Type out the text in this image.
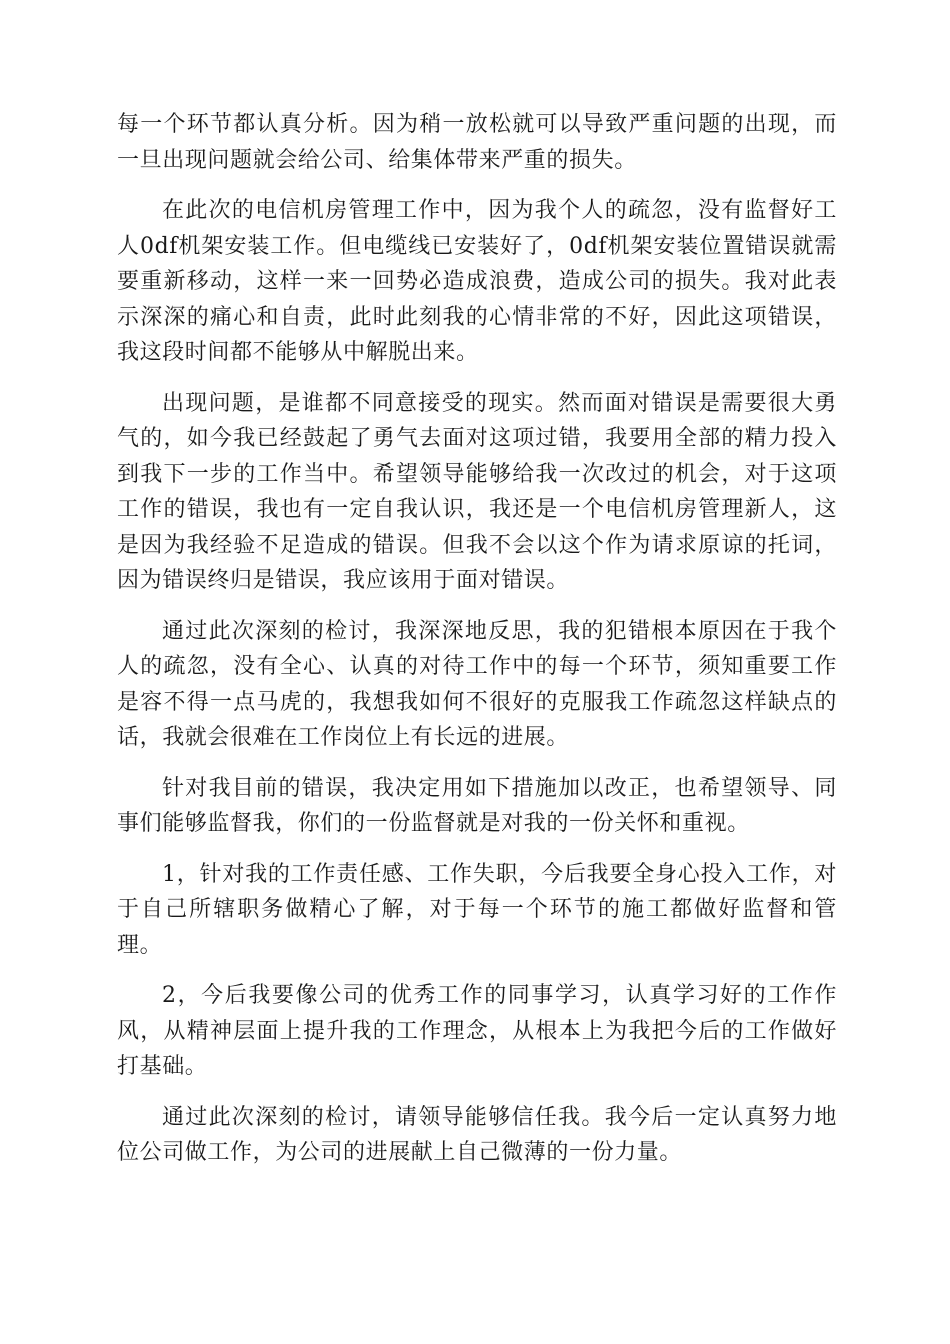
每一个环节都认真分析。因为稍一放松就可以导致严重问题的出现，而一旦出现问题就会给公司、给集体带来严重的损失。

在此次的电信机房管理工作中，因为我个人的疏忽，没有监督好工人0df机架安装工作。但电缆线已安装好了，0df机架安装位置错误就需要重新移动，这样一来一回势必造成浪费，造成公司的损失。我对此表示深深的痛心和自责，此时此刻我的心情非常的不好，因此这项错误，我这段时间都不能够从中解脱出来。

出现问题，是谁都不同意接受的现实。然而面对错误是需要很大勇气的，如今我已经鼓起了勇气去面对这项过错，我要用全部的精力投入到我下一步的工作当中。希望领导能够给我一次改过的机会，对于这项工作的错误，我也有一定自我认识，我还是一个电信机房管理新人，这是因为我经验不足造成的错误。但我不会以这个作为请求原谅的托词，因为错误终归是错误，我应该用于面对错误。

通过此次深刻的检讨，我深深地反思，我的犯错根本原因在于我个人的疏忽，没有全心、认真的对待工作中的每一个环节，须知重要工作是容不得一点马虎的，我想我如何不很好的克服我工作疏忽这样缺点的话，我就会很难在工作岗位上有长远的进展。

针对我目前的错误，我决定用如下措施加以改正，也希望领导、同事们能够监督我，你们的一份监督就是对我的一份关怀和重视。

1，针对我的工作责任感、工作失职，今后我要全身心投入工作，对于自己所辖职务做精心了解，对于每一个环节的施工都做好监督和管理。

2，今后我要像公司的优秀工作的同事学习，认真学习好的工作作风，从精神层面上提升我的工作理念，从根本上为我把今后的工作做好打基础。

通过此次深刻的检讨，请领导能够信任我。我今后一定认真努力地位公司做工作，为公司的进展献上自己微薄的一份力量。
